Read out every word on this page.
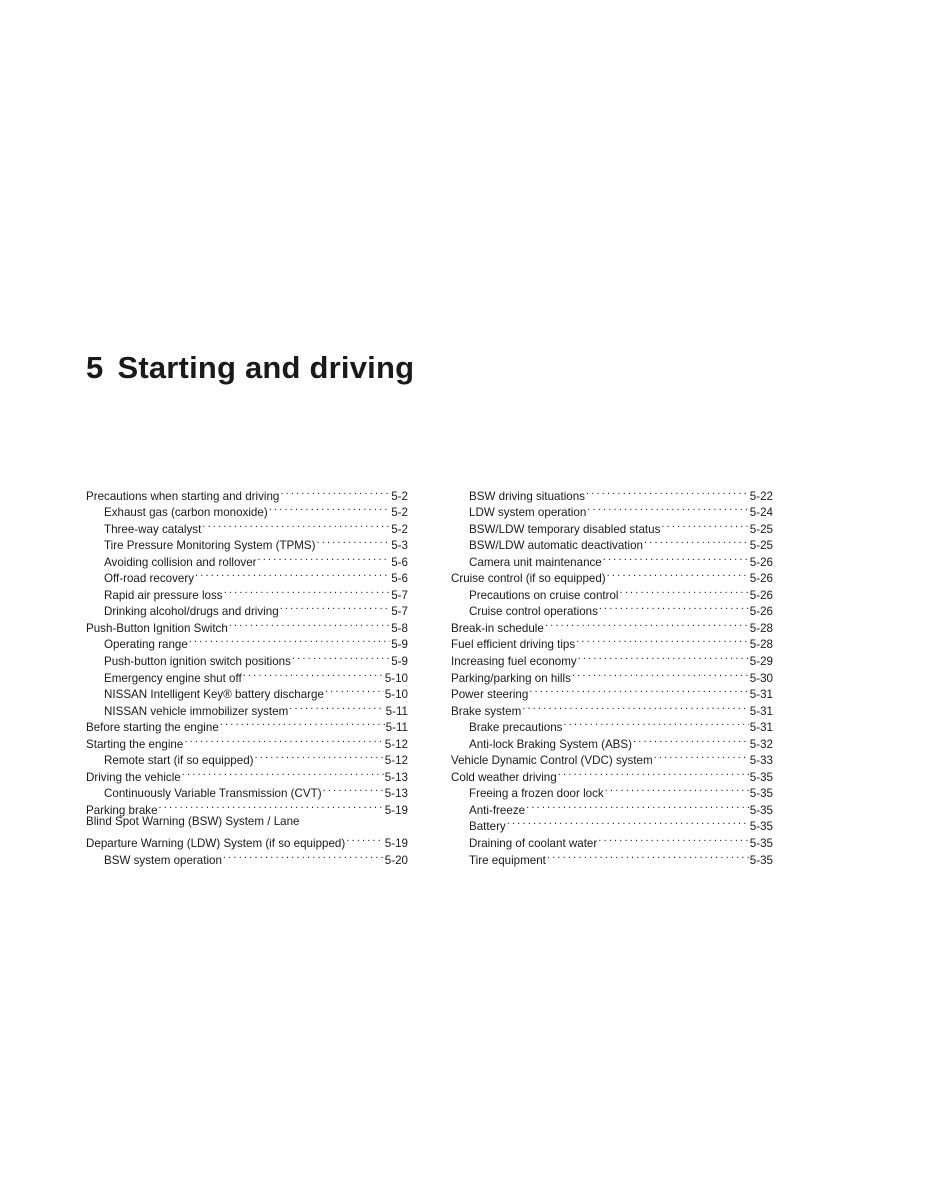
5 Starting and driving
Precautions when starting and driving .....	5-2
Exhaust gas (carbon monoxide) .....	5-2
Three-way catalyst .....	5-2
Tire Pressure Monitoring System (TPMS) .....	5-3
Avoiding collision and rollover .....	5-6
Off-road recovery .....	5-6
Rapid air pressure loss .....	5-7
Drinking alcohol/drugs and driving .....	5-7
Push-Button Ignition Switch .....	5-8
Operating range .....	5-9
Push-button ignition switch positions .....	5-9
Emergency engine shut off .....	5-10
NISSAN Intelligent Key® battery discharge .....	5-10
NISSAN vehicle immobilizer system .....	5-11
Before starting the engine .....	5-11
Starting the engine .....	5-12
Remote start (if so equipped) .....	5-12
Driving the vehicle .....	5-13
Continuously Variable Transmission (CVT) .....	5-13
Parking brake .....	5-19
Blind Spot Warning (BSW) System / Lane
Departure Warning (LDW) System (if so equipped) .....	5-19
BSW system operation .....	5-20
BSW driving situations .....	5-22
LDW system operation .....	5-24
BSW/LDW temporary disabled status .....	5-25
BSW/LDW automatic deactivation .....	5-25
Camera unit maintenance .....	5-26
Cruise control (if so equipped) .....	5-26
Precautions on cruise control .....	5-26
Cruise control operations .....	5-26
Break-in schedule .....	5-28
Fuel efficient driving tips .....	5-28
Increasing fuel economy .....	5-29
Parking/parking on hills .....	5-30
Power steering .....	5-31
Brake system .....	5-31
Brake precautions .....	5-31
Anti-lock Braking System (ABS) .....	5-32
Vehicle Dynamic Control (VDC) system .....	5-33
Cold weather driving .....	5-35
Freeing a frozen door lock .....	5-35
Anti-freeze .....	5-35
Battery .....	5-35
Draining of coolant water .....	5-35
Tire equipment .....	5-35
